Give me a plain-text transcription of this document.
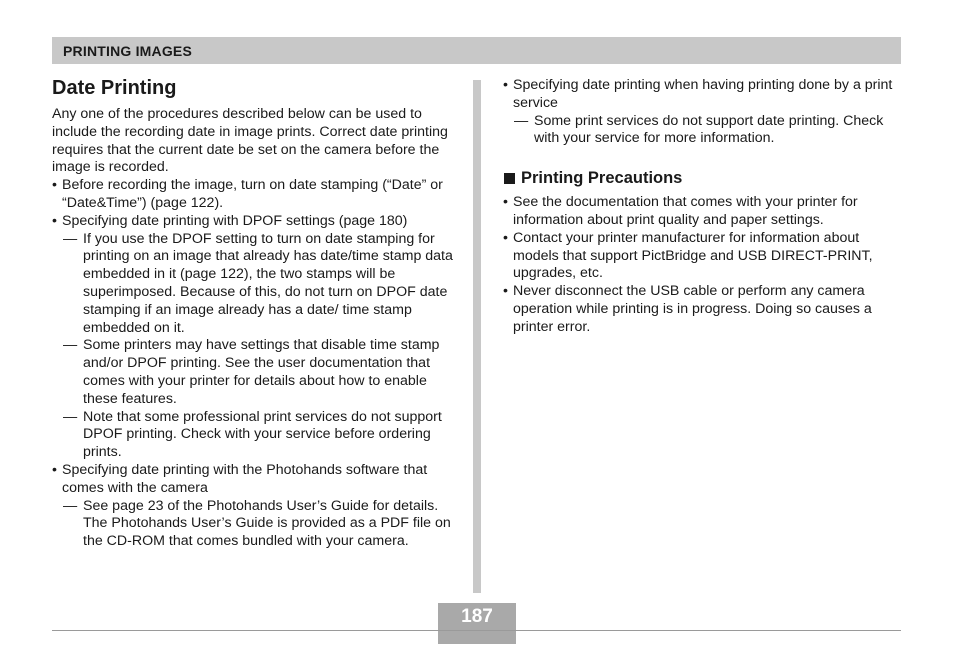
PRINTING IMAGES
Date Printing

Any one of the procedures described below can be used to include the recording date in image prints. Correct date printing requires that the current date be set on the camera before the image is recorded.

• Before recording the image, turn on date stamping (“Date” or “Date&Time”) (page 122).
• Specifying date printing with DPOF settings (page 180)
— If you use the DPOF setting to turn on date stamping for printing on an image that already has date/time stamp data embedded in it (page 122), the two stamps will be superimposed. Because of this, do not turn on DPOF date stamping if an image already has a date/ time stamp embedded on it.
— Some printers may have settings that disable time stamp and/or DPOF printing. See the user documentation that comes with your printer for details about how to enable these features.
— Note that some professional print services do not support DPOF printing. Check with your service before ordering prints.
• Specifying date printing with the Photohands software that comes with the camera
— See page 23 of the Photohands User’s Guide for details. The Photohands User’s Guide is provided as a PDF file on the CD-ROM that comes bundled with your camera.
• Specifying date printing when having printing done by a print service
— Some print services do not support date printing. Check with your service for more information.
Printing Precautions
• See the documentation that comes with your printer for information about print quality and paper settings.
• Contact your printer manufacturer for information about models that support PictBridge and USB DIRECT-PRINT, upgrades, etc.
• Never disconnect the USB cable or perform any camera operation while printing is in progress. Doing so causes a printer error.
187
